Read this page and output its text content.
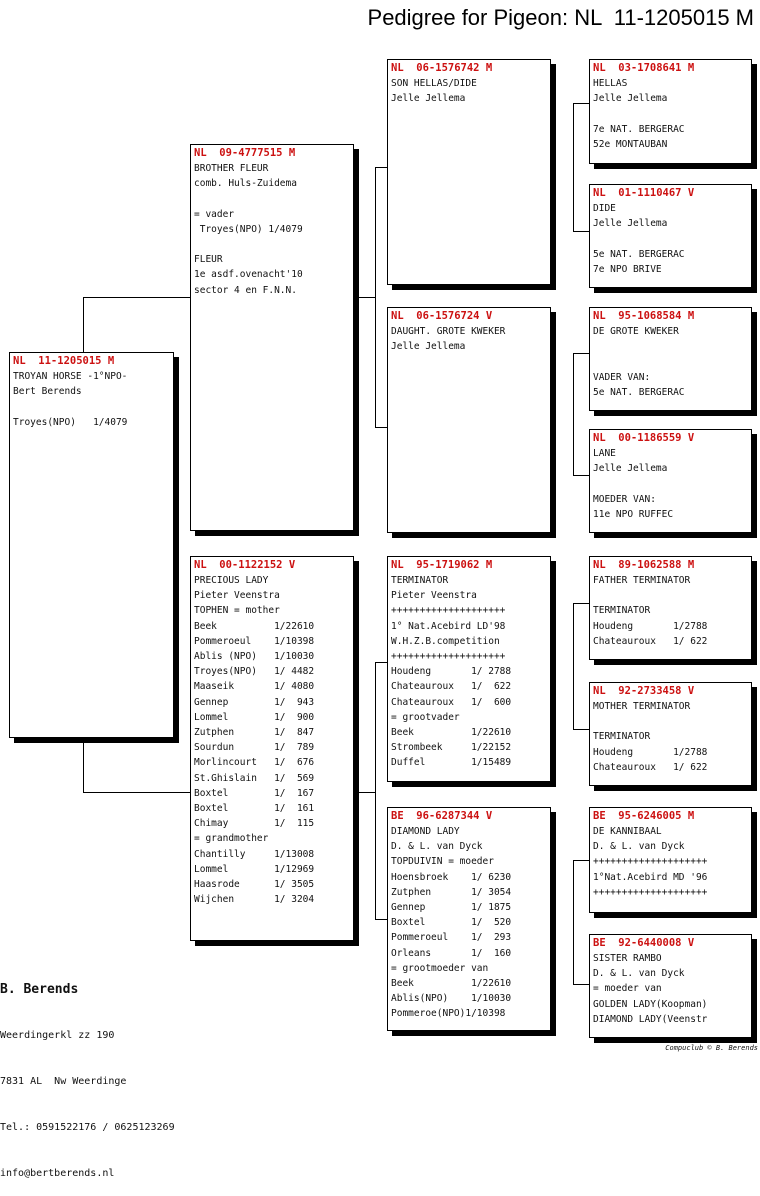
Pedigree for Pigeon: NL  11-1205015 M
NL  11-1205015 M
TROYAN HORSE -1°NPO-
Bert Berends
Troyes(NPO)   1/4079
NL  09-4777515 M
BROTHER FLEUR
comb. Huls-Zuidema
= vader
Troyes(NPO) 1/4079
FLEUR
1e asdf.ovenacht'10
sector 4 en F.N.N.
NL  00-1122152 V
PRECIOUS LADY
Pieter Veenstra
TOPHEN = mother
Beek          1/22610
Pommeroeul    1/10398
Ablis (NPO)   1/10030
Troyes(NPO)   1/ 4482
Maaseik       1/ 4080
Gennep        1/  943
Lommel        1/  900
Zutphen       1/  847
Sourdun       1/  789
Morlincourt   1/  676
St.Ghislain   1/  569
Boxtel        1/  167
Boxtel        1/  161
Chimay        1/  115
= grandmother
Chantilly     1/13008
Lommel        1/12969
Haasrode      1/ 3505
Wijchen       1/ 3204
NL  06-1576742 M
SON HELLAS/DIDE
Jelle Jellema
NL  06-1576724 V
DAUGHT. GROTE KWEKER
Jelle Jellema
NL  95-1719062 M
TERMINATOR
Pieter Veenstra
++++++++++++++++++++
1° Nat.Acebird LD'98
W.H.Z.B.competition
++++++++++++++++++++
Houdeng       1/ 2788
Chateauroux   1/  622
Chateauroux   1/  600
= grootvader
Beek          1/22610
Strombeek     1/22152
Duffel        1/15489
BE  96-6287344 V
DIAMOND LADY
D. & L. van Dyck
TOPDUIVIN = moeder
Hoensbroek    1/ 6230
Zutphen       1/ 3054
Gennep        1/ 1875
Boxtel        1/  520
Pommeroeul    1/  293
Orleans       1/  160
= grootmoeder van
Beek          1/22610
Ablis(NPO)    1/10030
Pommeroe(NPO)1/10398
NL  03-1708641 M
HELLAS
Jelle Jellema
7e NAT. BERGERAC
52e MONTAUBAN
NL  01-1110467 V
DIDE
Jelle Jellema
5e NAT. BERGERAC
7e NPO BRIVE
NL  95-1068584 M
DE GROTE KWEKER
VADER VAN:
5e NAT. BERGERAC
NL  00-1186559 V
LANE
Jelle Jellema
MOEDER VAN:
11e NPO RUFFEC
NL  89-1062588 M
FATHER TERMINATOR
TERMINATOR
Houdeng       1/2788
Chateauroux   1/ 622
NL  92-2733458 V
MOTHER TERMINATOR
TERMINATOR
Houdeng       1/2788
Chateauroux   1/ 622
BE  95-6246005 M
DE KANNIBAAL
D. & L. van Dyck
++++++++++++++++++++
1°Nat.Acebird MD '96
++++++++++++++++++++
BE  92-6440008 V
SISTER RAMBO
D. & L. van Dyck
= moeder van
GOLDEN LADY(Koopman)
DIAMOND LADY(Veenstr

B. Berends

Weerdingerkl zz 190

7831 AL  Nw Weerdinge

Tel.: 0591522176 / 0625123269

info@bertberends.nl

Compuclub © B. Berends
